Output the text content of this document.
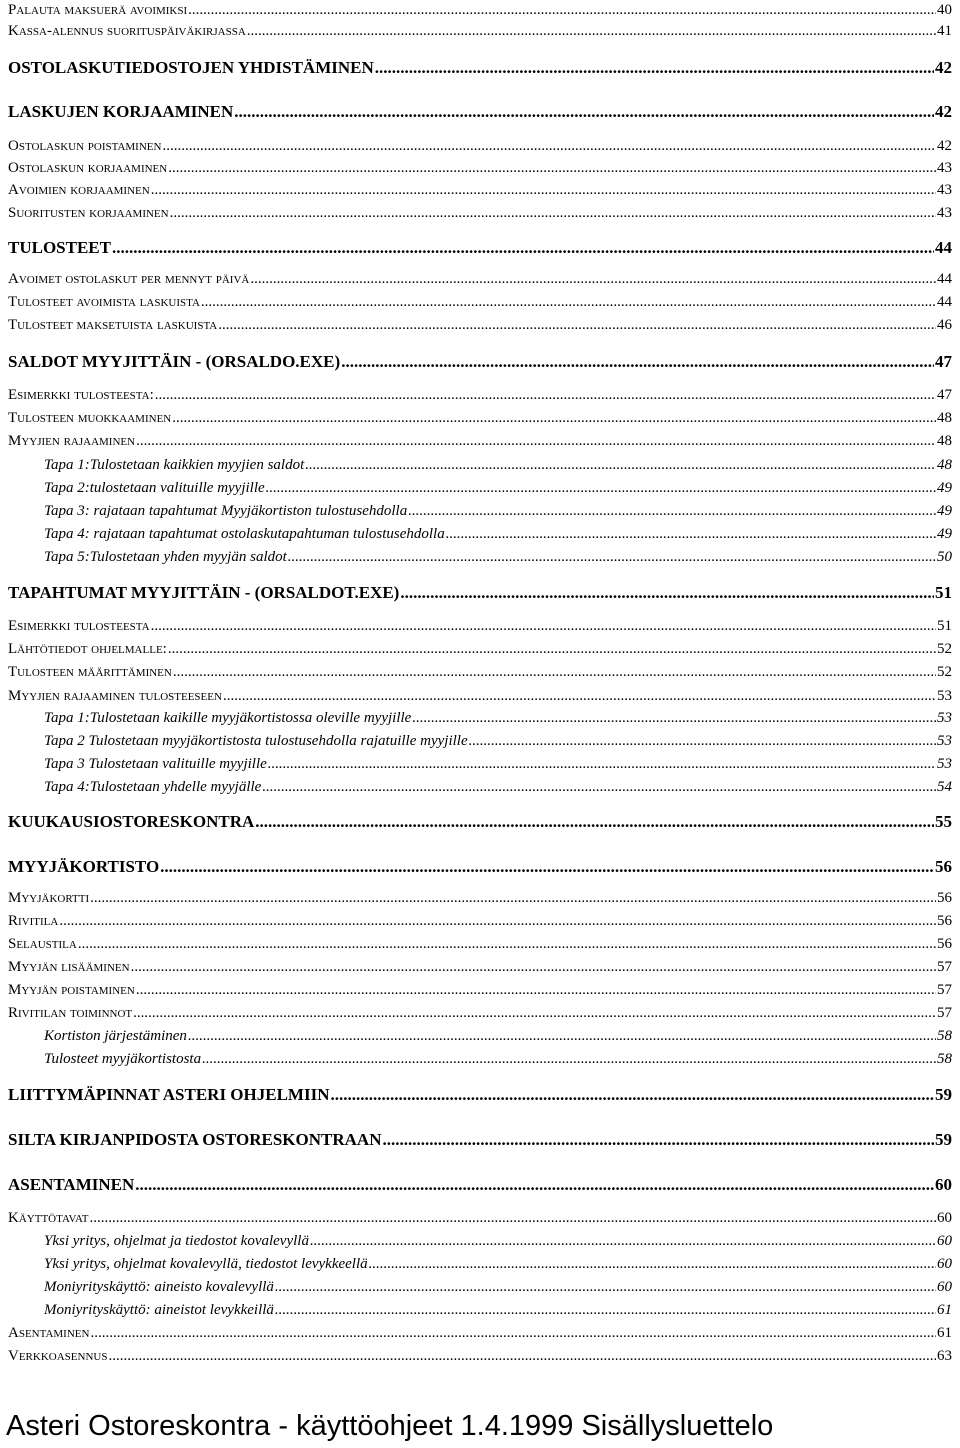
Palauta maksuerä avoimiksi .....	40
Kassa-alennus suorituspäiväkirjassa .....	41
OSTOLASKUTIEDOSTOJEN YHDISTÄMINEN .....	42
LASKUJEN KORJAAMINEN .....	42
Ostolaskun poistaminen .....	42
Ostolaskun korjaaminen .....	43
Avoimien korjaaminen .....	43
Suoritusten korjaaminen .....	43
TULOSTEET .....	44
Avoimet ostolaskut per mennyt päivä .....	44
Tulosteet avoimista laskuista .....	44
Tulosteet maksetuista laskuista .....	46
SALDOT MYYJITTÄIN - (ORSALDO.EXE) .....	47
Esimerkki tulosteesta: .....	47
Tulosteen muokkaaminen .....	48
Myyjien rajaaminen .....	48
Tapa 1:Tulostetaan kaikkien myyjien saldot .....	48
Tapa 2:tulostetaan valituille myyjille .....	49
Tapa 3: rajataan tapahtumat Myyjäkortiston tulostusehdolla .....	49
Tapa 4: rajataan tapahtumat ostolaskutapahtuman tulostusehdolla .....	49
Tapa 5:Tulostetaan yhden myyjän saldot .....	50
TAPAHTUMAT MYYJITTÄIN - (ORSALDOT.EXE) .....	51
Esimerkki tulosteesta .....	51
Lähtötiedot ohjelmalle: .....	52
Tulosteen määrittäminen .....	52
Myyjien rajaaminen tulosteeseen .....	53
Tapa 1:Tulostetaan kaikille myyjäkortistossa oleville myyjille .....	53
Tapa 2 Tulostetaan myyjäkortistosta tulostusehdolla rajatuille myyjille .....	53
Tapa 3 Tulostetaan valituille myyjille .....	53
Tapa 4:Tulostetaan yhdelle myyjälle .....	54
KUUKAUSIOSTORESKONTRA .....	55
MYYJÄKORTISTO .....	56
Myyjäkortti .....	56
Rivitila .....	56
Selaustila .....	56
Myyjän lisääminen .....	57
Myyjän poistaminen .....	57
Rivitilan toiminnot .....	57
Kortiston järjestäminen .....	58
Tulosteet myyjäkortistosta .....	58
LIITTYMÄPINNAT ASTERI OHJELMIIN .....	59
SILTA KIRJANPIDOSTA OSTORESKONTRAAN .....	59
ASENTAMINEN .....	60
Käyttötavat .....	60
Yksi yritys, ohjelmat ja tiedostot kovalevyllä .....	60
Yksi yritys, ohjelmat kovalevyllä, tiedostot levykkeellä .....	60
Moniyrityskäyttö: aineisto kovalevyllä .....	60
Moniyrityskäyttö: aineistot levykkeillä .....	61
Asentaminen .....	61
Verkkoasennus .....	63
Asteri Ostoreskontra - käyttöohjeet 1.4.1999 Sisällysluettelo
